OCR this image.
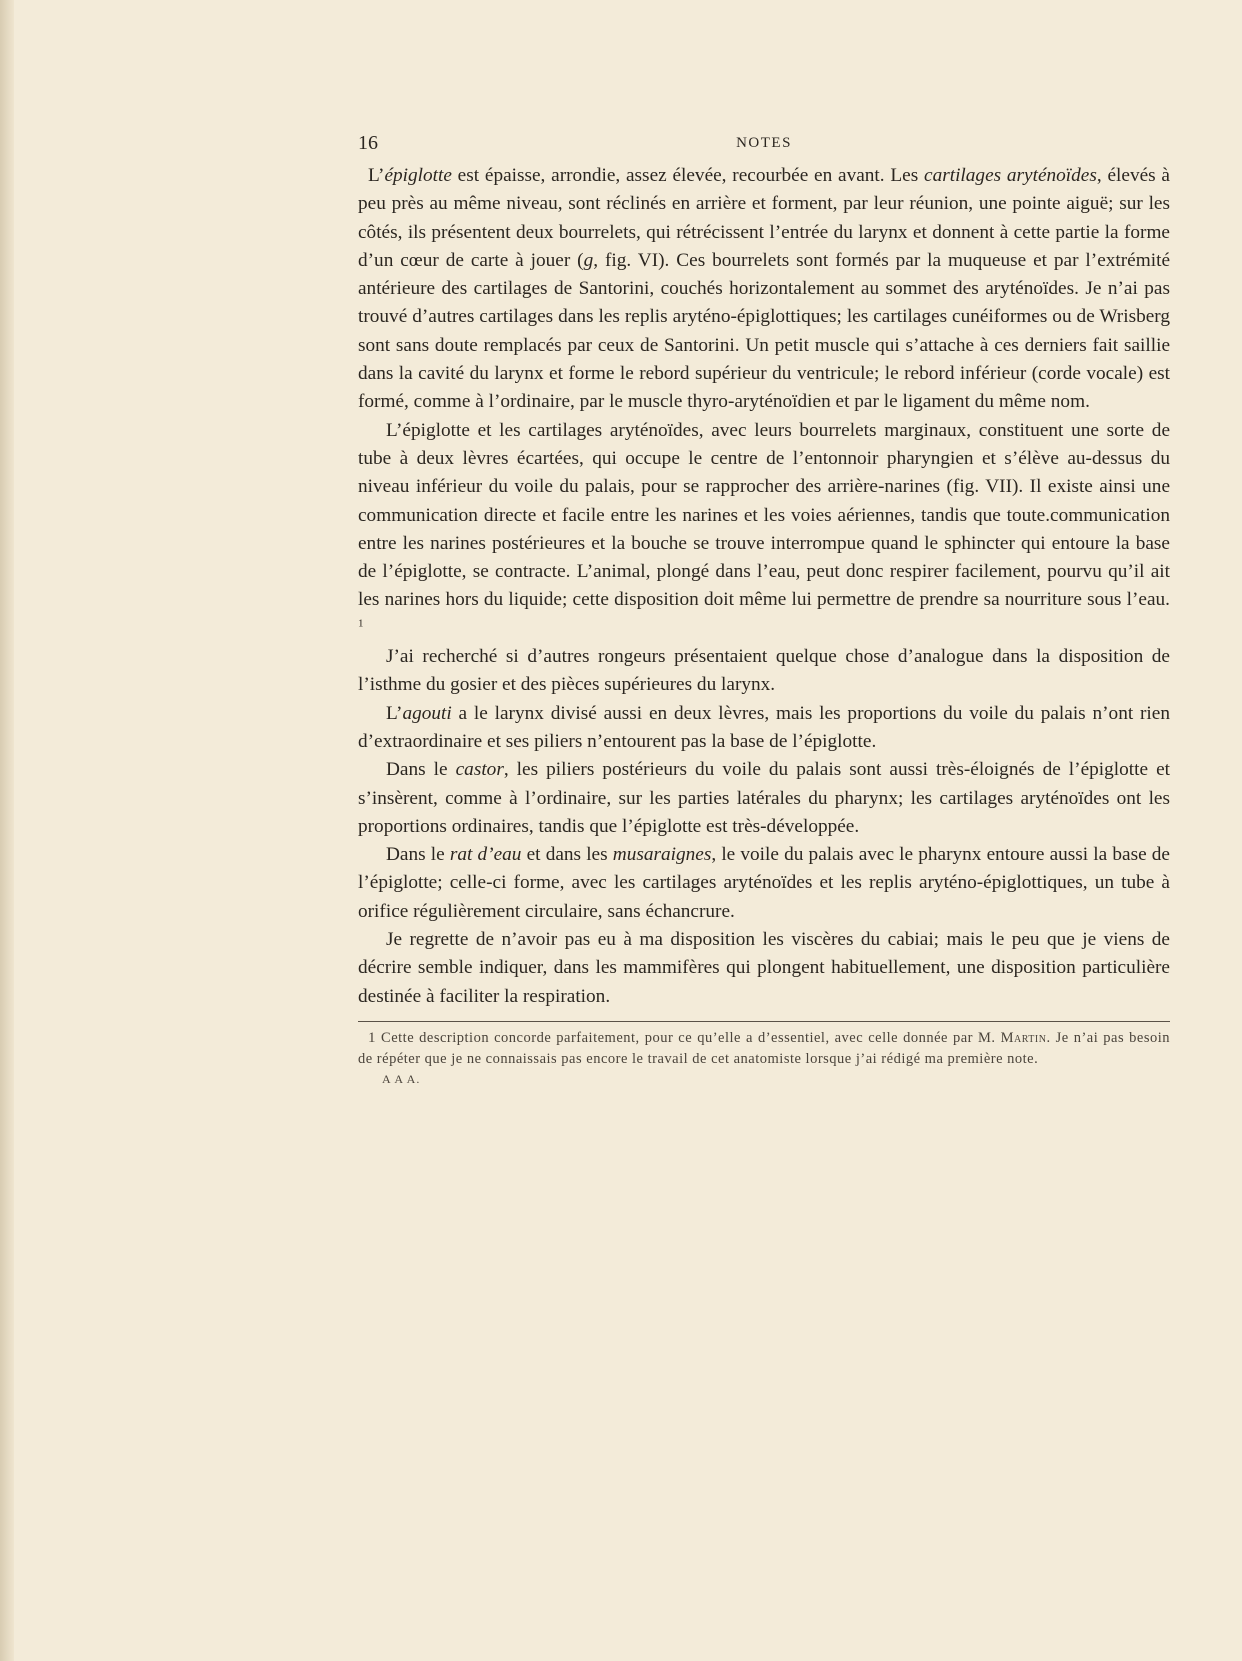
16	NOTES

L’épiglotte est épaisse, arrondie, assez élevée, recourbée en avant. Les cartilages aryténoïdes, élevés à peu près au même niveau, sont réclinés en arrière et forment, par leur réunion, une pointe aiguë; sur les côtés, ils présentent deux bourrelets, qui rétrécissent l’entrée du larynx et donnent à cette partie la forme d’un cœur de carte à jouer (g, fig. VI). Ces bourrelets sont formés par la muqueuse et par l’extrémité antérieure des cartilages de Santorini, couchés horizontalement au sommet des aryténoïdes. Je n’ai pas trouvé d’autres cartilages dans les replis aryténo-épiglottiques; les cartilages cunéiformes ou de Wrisberg sont sans doute remplacés par ceux de Santorini. Un petit muscle qui s’attache à ces derniers fait saillie dans la cavité du larynx et forme le rebord supérieur du ventricule; le rebord inférieur (corde vocale) est formé, comme à l’ordinaire, par le muscle thyro-aryténoïdien et par le ligament du même nom.

L’épiglotte et les cartilages aryténoïdes, avec leurs bourrelets marginaux, constituent une sorte de tube à deux lèvres écartées, qui occupe le centre de l’entonnoir pharyngien et s’élève au-dessus du niveau inférieur du voile du palais, pour se rapprocher des arrière-narines (fig. VII). Il existe ainsi une communication directe et facile entre les narines et les voies aériennes, tandis que toute.communication entre les narines postérieures et la bouche se trouve interrompue quand le sphincter qui entoure la base de l’épiglotte, se contracte. L’animal, plongé dans l’eau, peut donc respirer facilement, pourvu qu’il ait les narines hors du liquide; cette disposition doit même lui permettre de prendre sa nourriture sous l’eau. $^1$

J’ai recherché si d’autres rongeurs présentaient quelque chose d’analogue dans la disposition de l’isthme du gosier et des pièces supérieures du larynx.

L’agouti a le larynx divisé aussi en deux lèvres, mais les proportions du voile du palais n’ont rien d’extraordinaire et ses piliers n’entourent pas la base de l’épiglotte.

Dans le castor, les piliers postérieurs du voile du palais sont aussi très-éloignés de l’épiglotte et s’insèrent, comme à l’ordinaire, sur les parties latérales du pharynx; les cartilages aryténoïdes ont les proportions ordinaires, tandis que l’épiglotte est très-développée.

Dans le rat d’eau et dans les musaraignes, le voile du palais avec le pharynx entoure aussi la base de l’épiglotte; celle-ci forme, avec les cartilages aryténoïdes et les replis aryténo-épiglottiques, un tube à orifice régulièrement circulaire, sans échancrure.

Je regrette de n’avoir pas eu à ma disposition les viscères du cabiai; mais le peu que je viens de décrire semble indiquer, dans les mammifères qui plongent habituellement, une disposition particulière destinée à faciliter la respiration.

1 Cette description concorde parfaitement, pour ce qu’elle a d’essentiel, avec celle donnée par M. Martin. Je n’ai pas besoin de répéter que je ne connaissais pas encore le travail de cet anatomiste lorsque j’ai rédigé ma première note.

A A A.
